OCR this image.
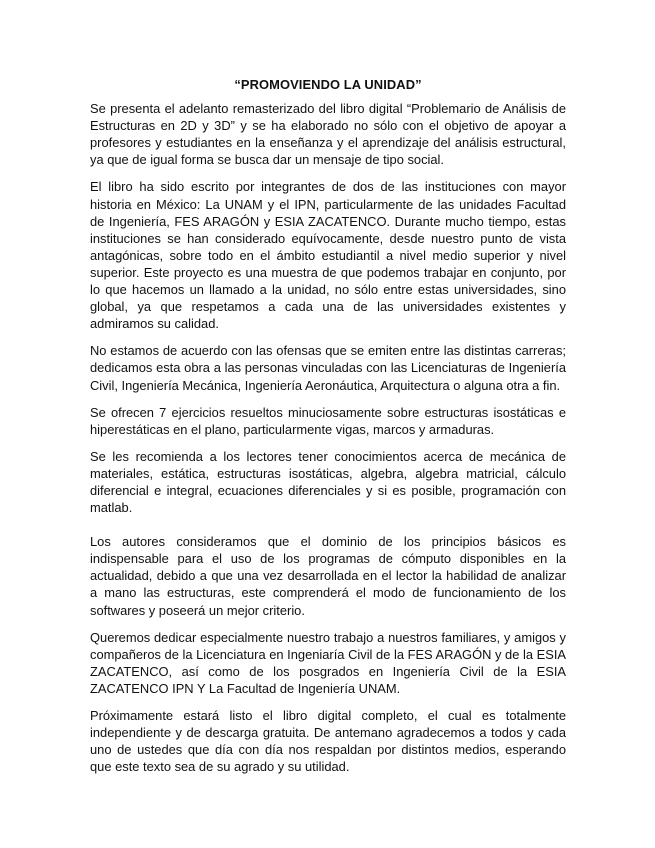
“PROMOVIENDO LA UNIDAD”

Se presenta el adelanto remasterizado del libro digital “Problemario de Análisis de Estructuras en 2D y 3D” y se ha elaborado no sólo con el objetivo de apoyar a profesores y estudiantes en la enseñanza y el aprendizaje del análisis estructural, ya que de igual forma se busca dar un mensaje de tipo social.

El libro ha sido escrito por integrantes de dos de las instituciones con mayor historia en México: La UNAM y el IPN, particularmente de las unidades Facultad de Ingeniería, FES ARAGÓN y ESIA ZACATENCO. Durante mucho tiempo, estas instituciones se han considerado equívocamente, desde nuestro punto de vista antagónicas, sobre todo en el ámbito estudiantil a nivel medio superior y nivel superior. Este proyecto es una muestra de que podemos trabajar en conjunto, por lo que hacemos un llamado a la unidad, no sólo entre estas universidades, sino global, ya que respetamos a cada una de las universidades existentes y admiramos su calidad.

No estamos de acuerdo con las ofensas que se emiten entre las distintas carreras; dedicamos esta obra a las personas vinculadas con las Licenciaturas de Ingeniería Civil, Ingeniería Mecánica, Ingeniería Aeronáutica, Arquitectura o alguna otra a fin.

Se ofrecen 7 ejercicios resueltos minuciosamente sobre estructuras isostáticas e hiperestáticas en el plano, particularmente vigas, marcos y armaduras.

Se les recomienda a los lectores tener conocimientos acerca de mecánica de materiales, estática, estructuras isostáticas, algebra, algebra matricial, cálculo diferencial e integral, ecuaciones diferenciales y si es posible, programación con matlab.

Los autores consideramos que el dominio de los principios básicos es indispensable para el uso de los programas de cómputo disponibles en la actualidad, debido a que una vez desarrollada en el lector la habilidad de analizar a mano las estructuras, este comprenderá el modo de funcionamiento de los softwares y poseerá un mejor criterio.

Queremos dedicar especialmente nuestro trabajo a nuestros familiares, y amigos y compañeros de la Licenciatura en Ingeniaría Civil de la FES ARAGÓN y de la ESIA ZACATENCO, así como de los posgrados en Ingeniería Civil de la ESIA ZACATENCO IPN Y La Facultad de Ingeniería UNAM.

Próximamente estará listo el libro digital completo, el cual es totalmente independiente y de descarga gratuita. De antemano agradecemos a todos y cada uno de ustedes que día con día nos respaldan por distintos medios, esperando que este texto sea de su agrado y su utilidad.
